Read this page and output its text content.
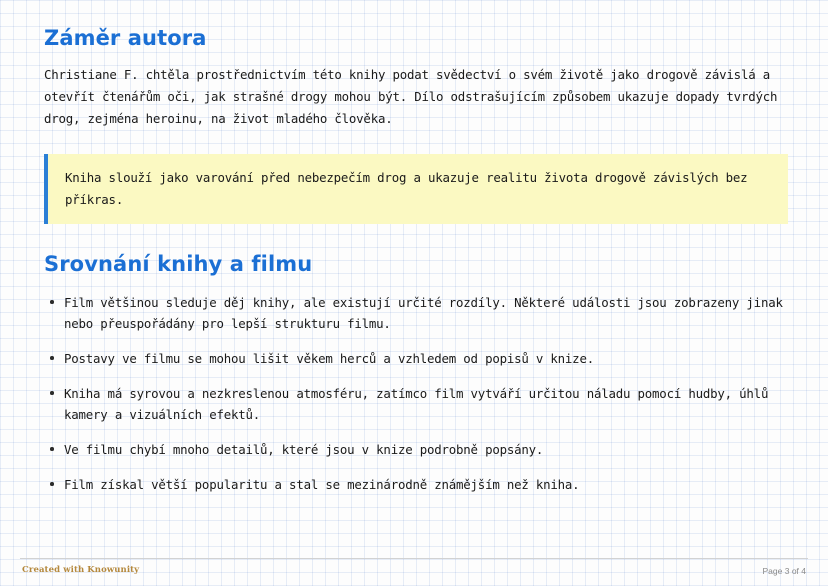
Záměr autora

Christiane F. chtěla prostřednictvím této knihy podat svědectví o svém životě jako drogově závislá a otevřít čtenářům oči, jak strašné drogy mohou být. Dílo odstrašujícím způsobem ukazuje dopady tvrdých drog, zejména heroinu, na život mladého člověka.

Kniha slouží jako varování před nebezpečím drog a ukazuje realitu života drogově závislých bez příkras.

Srovnání knihy a filmu
Film většinou sleduje děj knihy, ale existují určité rozdíly. Některé události jsou zobrazeny jinak nebo přeuspořádány pro lepší strukturu filmu.
Postavy ve filmu se mohou lišit věkem herců a vzhledem od popisů v knize.
Kniha má syrovou a nezkreslenou atmosféru, zatímco film vytváří určitou náladu pomocí hudby, úhlů kamery a vizuálních efektů.
Ve filmu chybí mnoho detailů, které jsou v knize podrobně popsány.
Film získal větší popularitu a stal se mezinárodně známějším než kniha.
Created with Knowunity	Page 3 of 4
